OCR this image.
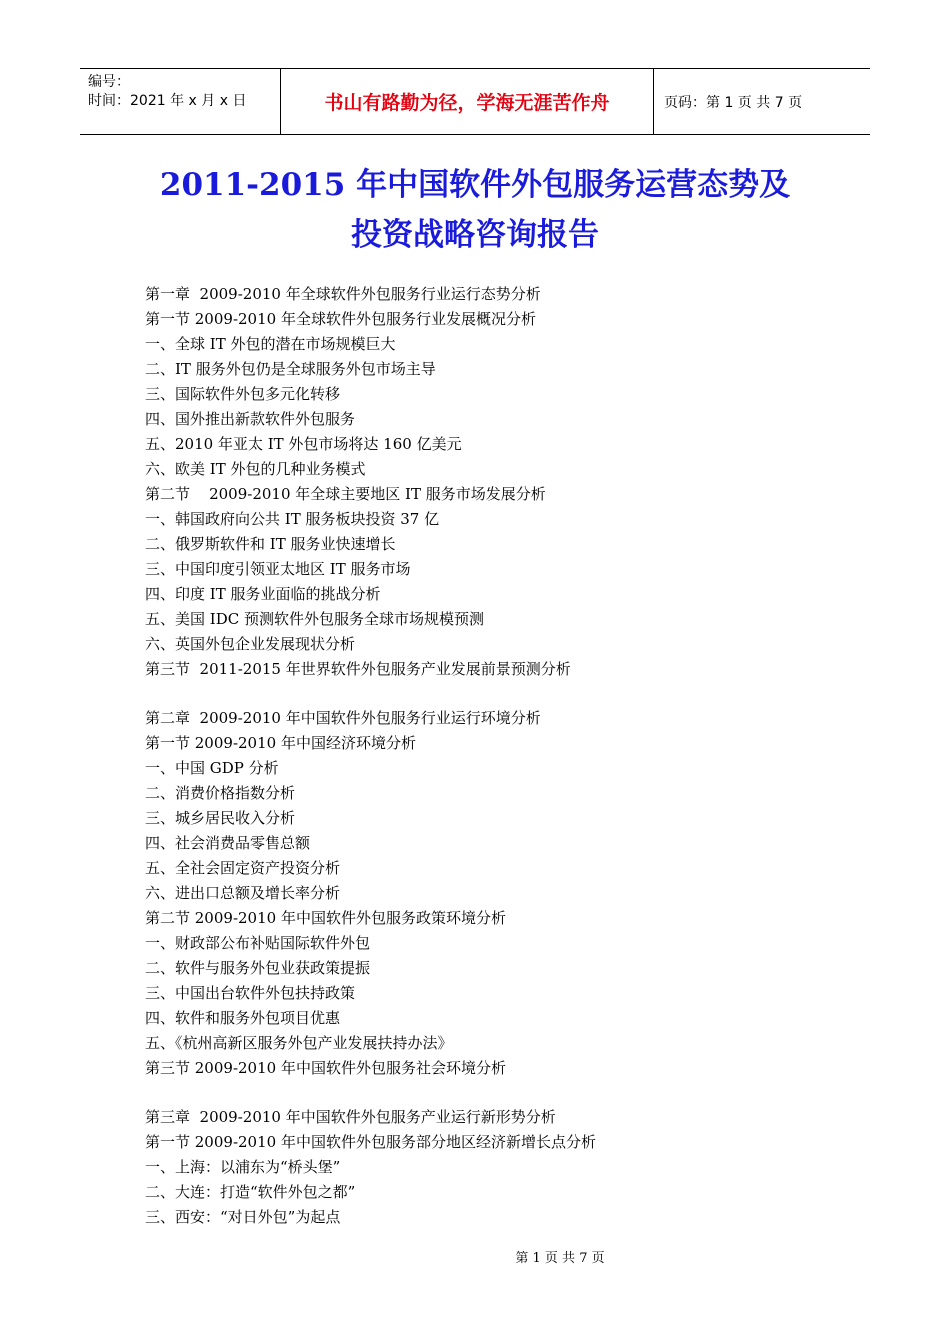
编号：
时间：2021 年 x 月 x 日	书山有路勤为径，学海无涯苦作舟	页码：第 1 页 共 7 页
2011-2015 年中国软件外包服务运营态势及
投资战略咨询报告
第一章  2009-2010 年全球软件外包服务行业运行态势分析
第一节 2009-2010 年全球软件外包服务行业发展概况分析
一、全球 IT 外包的潜在市场规模巨大
二、IT 服务外包仍是全球服务外包市场主导
三、国际软件外包多元化转移
四、国外推出新款软件外包服务
五、2010 年亚太 IT 外包市场将达 160 亿美元
六、欧美 IT 外包的几种业务模式
第二节    2009-2010 年全球主要地区 IT 服务市场发展分析
一、韩国政府向公共 IT 服务板块投资 37 亿
二、俄罗斯软件和 IT 服务业快速增长
三、中国印度引领亚太地区 IT 服务市场
四、印度 IT 服务业面临的挑战分析
五、美国 IDC 预测软件外包服务全球市场规模预测
六、英国外包企业发展现状分析
第三节  2011-2015 年世界软件外包服务产业发展前景预测分析
第二章  2009-2010 年中国软件外包服务行业运行环境分析
第一节 2009-2010 年中国经济环境分析
一、中国 GDP 分析
二、消费价格指数分析
三、城乡居民收入分析
四、社会消费品零售总额
五、全社会固定资产投资分析
六、进出口总额及增长率分析
第二节 2009-2010 年中国软件外包服务政策环境分析
一、财政部公布补贴国际软件外包
二、软件与服务外包业获政策提振
三、中国出台软件外包扶持政策
四、软件和服务外包项目优惠
五、《杭州高新区服务外包产业发展扶持办法》
第三节 2009-2010 年中国软件外包服务社会环境分析
第三章  2009-2010 年中国软件外包服务产业运行新形势分析
第一节 2009-2010 年中国软件外包服务部分地区经济新增长点分析
一、上海：以浦东为“桥头堡”
二、大连：打造“软件外包之都”
三、西安：“对日外包”为起点
第 1 页 共 7 页
